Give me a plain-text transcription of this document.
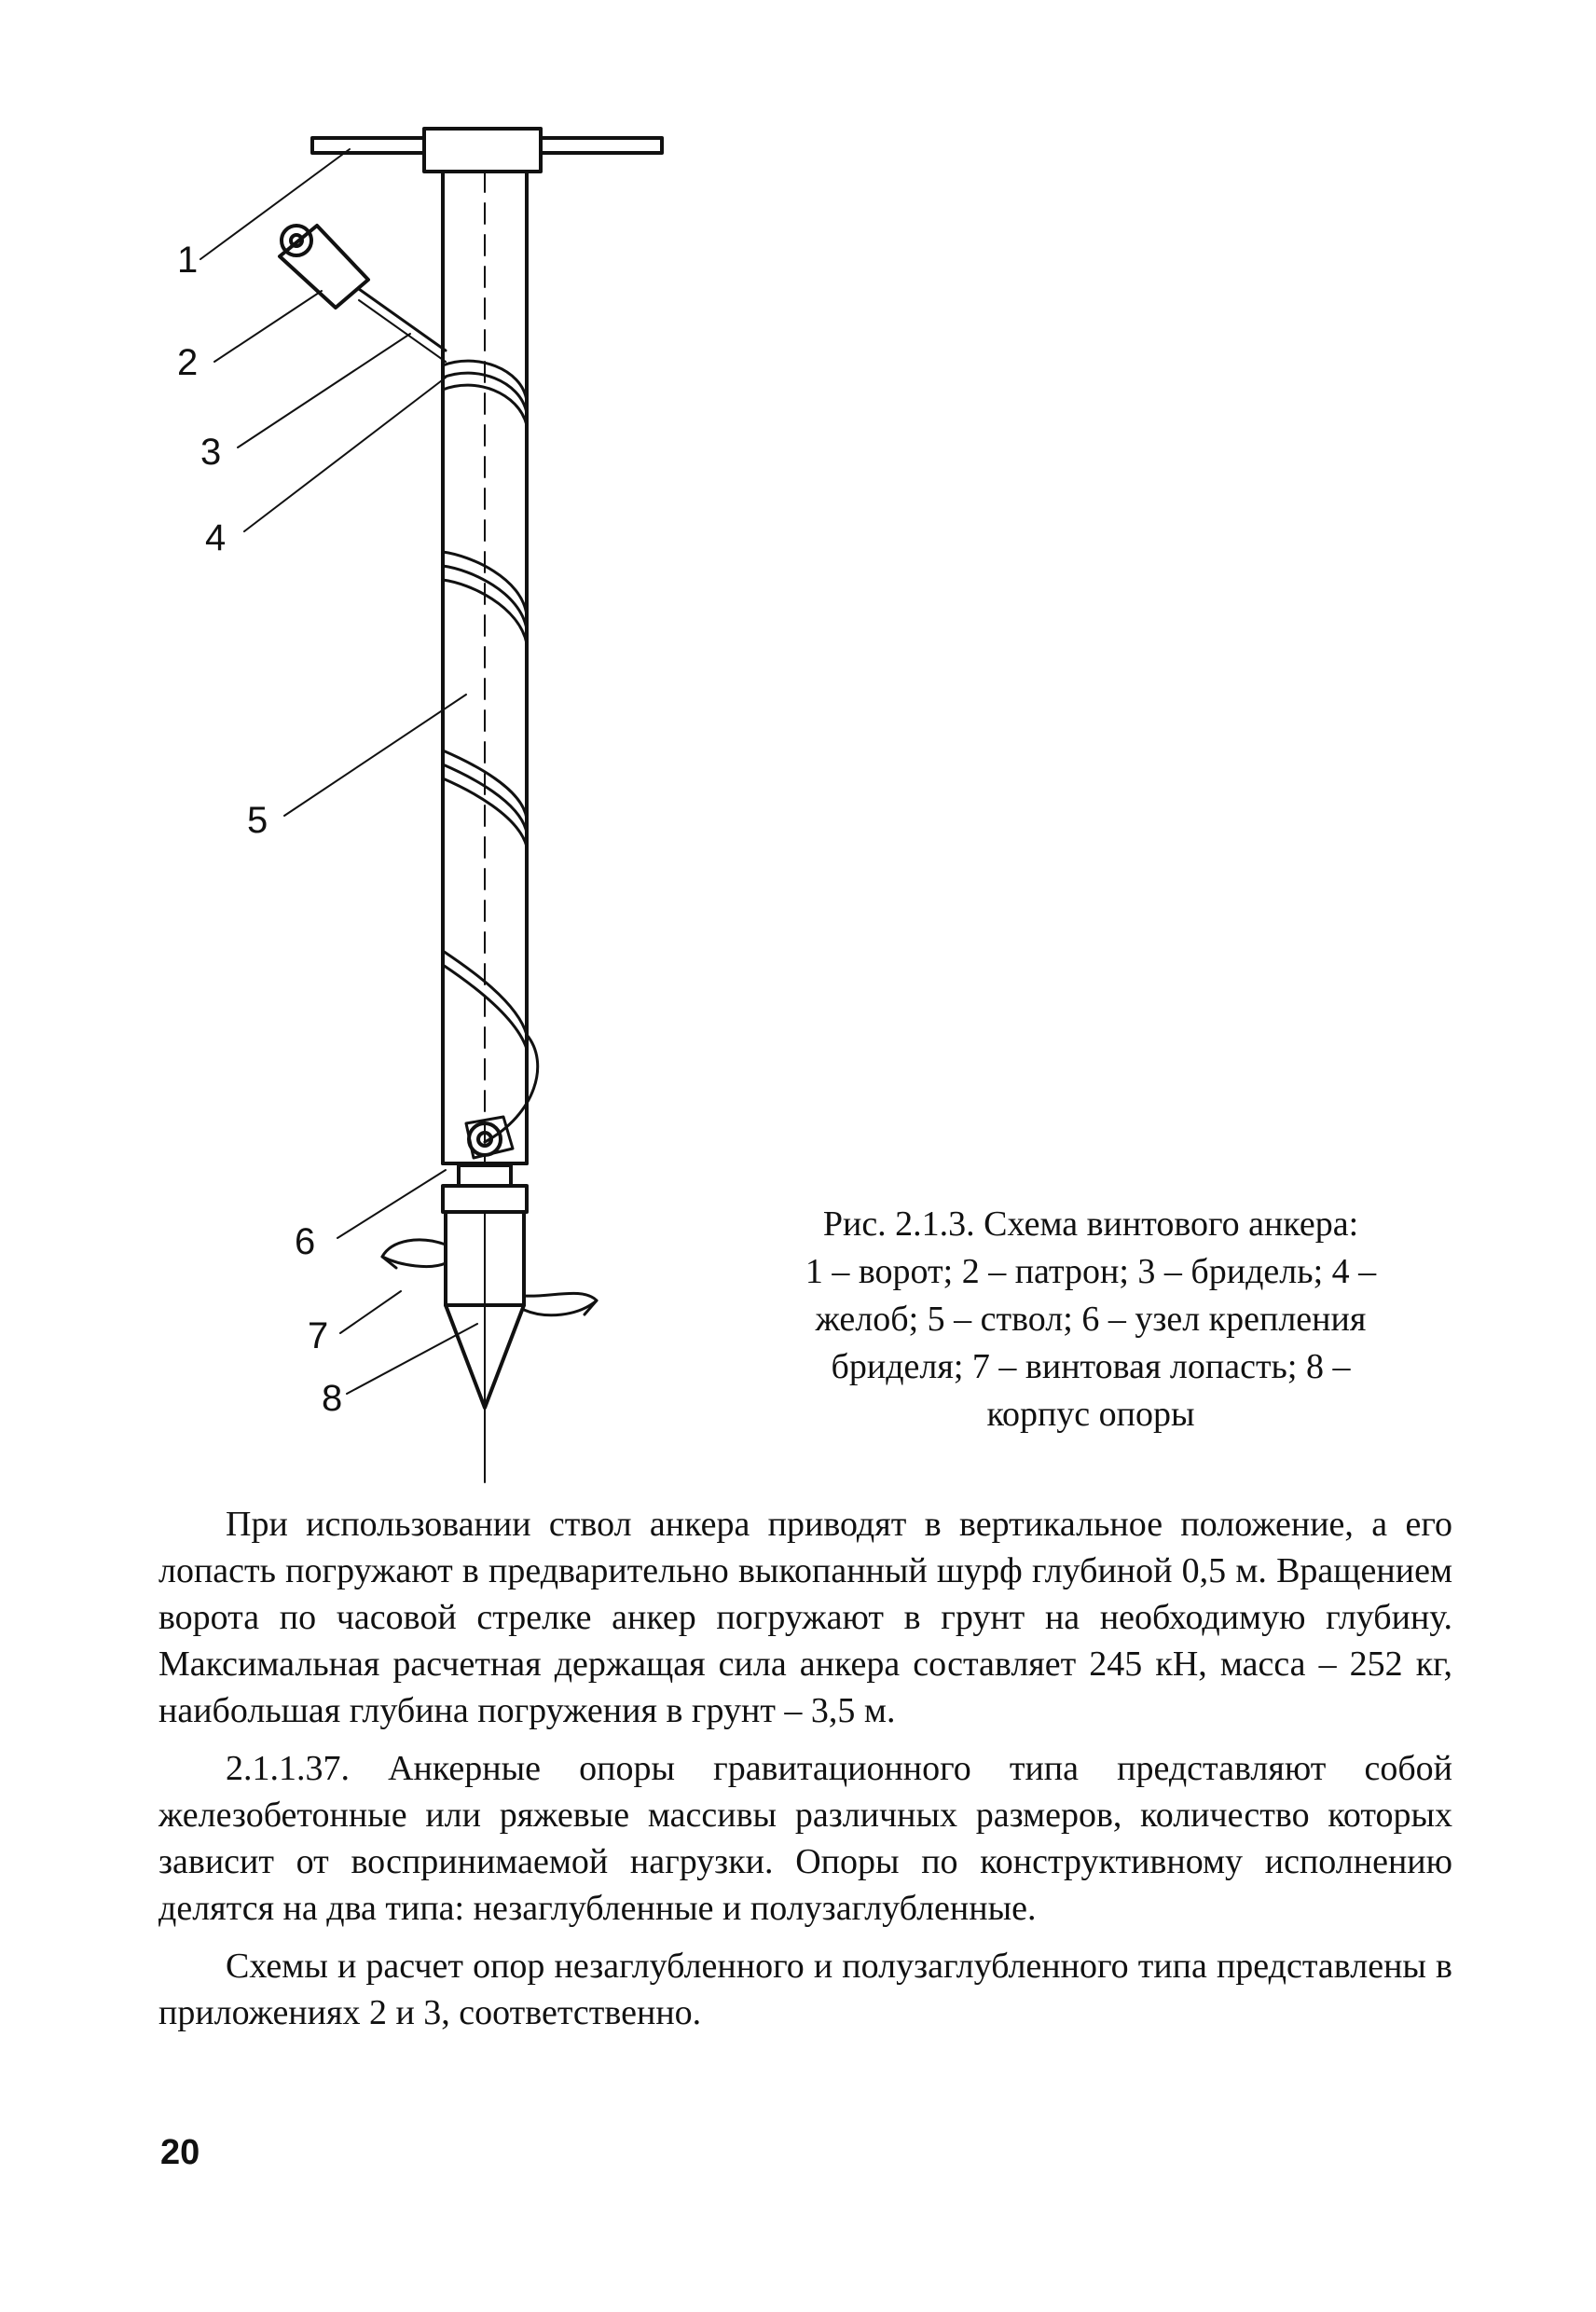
1
2
3
4
5
6
7
8
Рис. 2.1.3. Схема винтового анкера:
1 – ворот; 2 – патрон; 3 – бридель; 4 –
желоб; 5 – ствол; 6 – узел крепления
бриделя; 7 – винтовая лопасть; 8 –
корпус опоры

При использовании ствол анкера приводят в вертикальное положение, а его лопасть погружают в предварительно выкопанный шурф глубиной 0,5 м. Вращением ворота по часовой стрелке анкер погружают в грунт на необходимую глубину. Максимальная расчетная держащая сила анкера составляет 245 кН, масса – 252 кг, наибольшая глубина погружения в грунт – 3,5 м.

2.1.1.37. Анкерные опоры гравитационного типа представляют собой железобетонные или ряжевые массивы различных размеров, количество которых зависит от воспринимаемой нагрузки. Опоры по конструктивному исполнению делятся на два типа: незаглубленные и полузаглубленные.

Схемы и расчет опор незаглубленного и полузаглубленного типа представлены в приложениях 2 и 3, соответственно.

20
